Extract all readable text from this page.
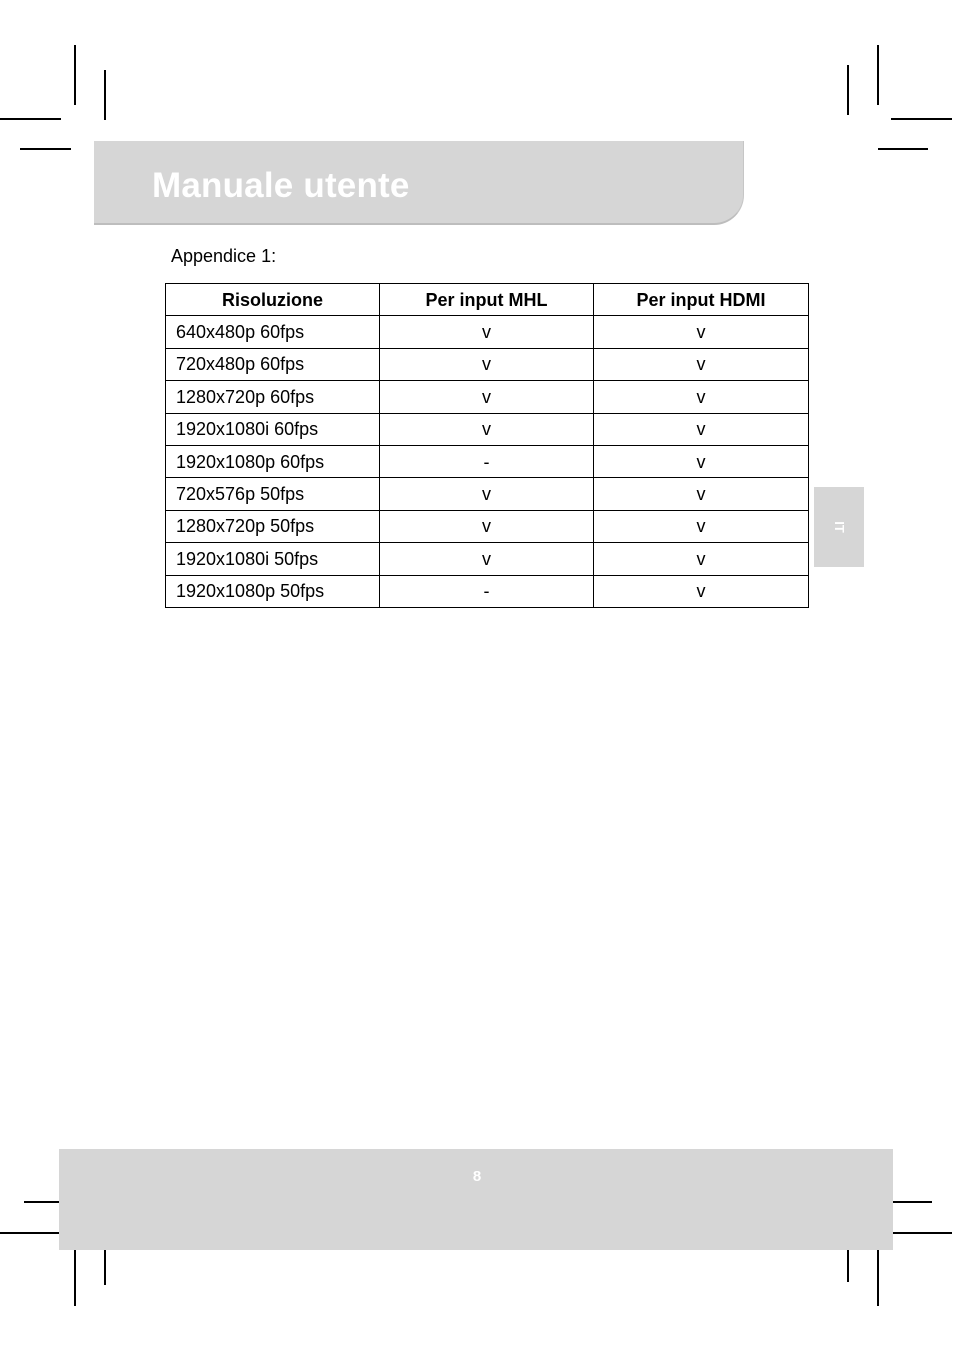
Manuale utente
Appendice 1:
Risoluzione	Per input MHL	Per input HDMI
640x480p 60fps	v	v
720x480p 60fps	v	v
1280x720p 60fps	v	v
1920x1080i 60fps	v	v
1920x1080p 60fps	-	v
720x576p 50fps	v	v
1280x720p 50fps	v	v
1920x1080i 50fps	v	v
1920x1080p 50fps	-	v
IT
8
